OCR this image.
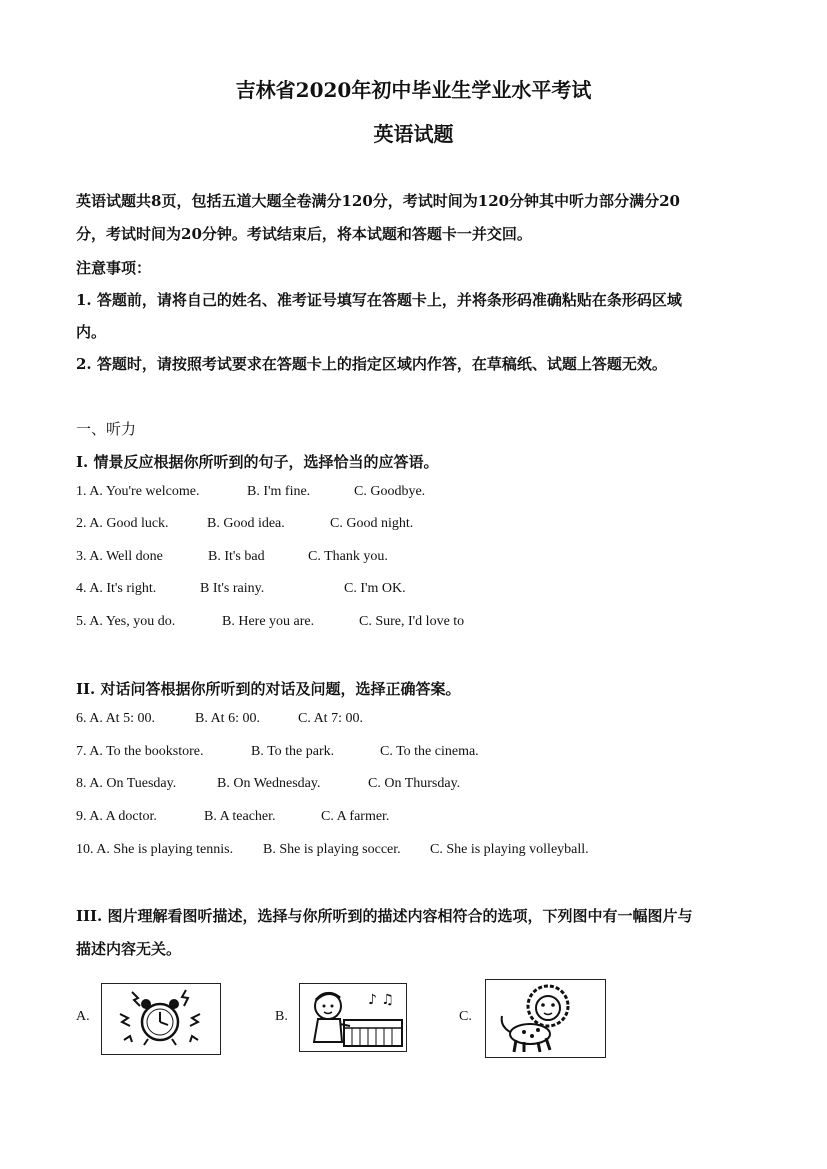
吉林省2020年初中毕业生学业水平考试
英语试题
英语试题共8页，包括五道大题全卷满分120分，考试时间为120分钟其中听力部分满分20
分，考试时间为20分钟。考试结束后，将本试题和答题卡一并交回。
注意事项：
1. 答题前，请将自己的姓名、准考证号填写在答题卡上，并将条形码准确粘贴在条形码区域
内。
2. 答题时，请按照考试要求在答题卡上的指定区域内作答，在草稿纸、试题上答题无效。
一、听力
I. 情景反应根据你所听到的句子，选择恰当的应答语。
1. A. You're welcome.	B. I'm fine.	C. Goodbye.
2. A. Good luck.	B. Good idea.	C. Good night.
3. A. Well done	B. It's bad	C. Thank you.
4. A. It's right.	B It's rainy.	C. I'm OK.
5. A. Yes, you do.	B. Here you are.	C. Sure, I'd love to
II. 对话问答根据你所听到的对话及问题，选择正确答案。
6. A. At 5: 00.	B. At 6: 00.	C. At 7: 00.
7. A. To the bookstore.	B. To the park.	C. To the cinema.
8. A. On Tuesday.	B. On Wednesday.	C. On Thursday.
9. A. A doctor.	B. A teacher.	C. A farmer.
10. A. She is playing tennis. B. She is playing soccer. C. She is playing volleyball.
III. 图片理解看图听描述，选择与你所听到的描述内容相符合的选项，下列图中有一幅图片与
描述内容无关。
A.	B.
♪ ♫
C.
